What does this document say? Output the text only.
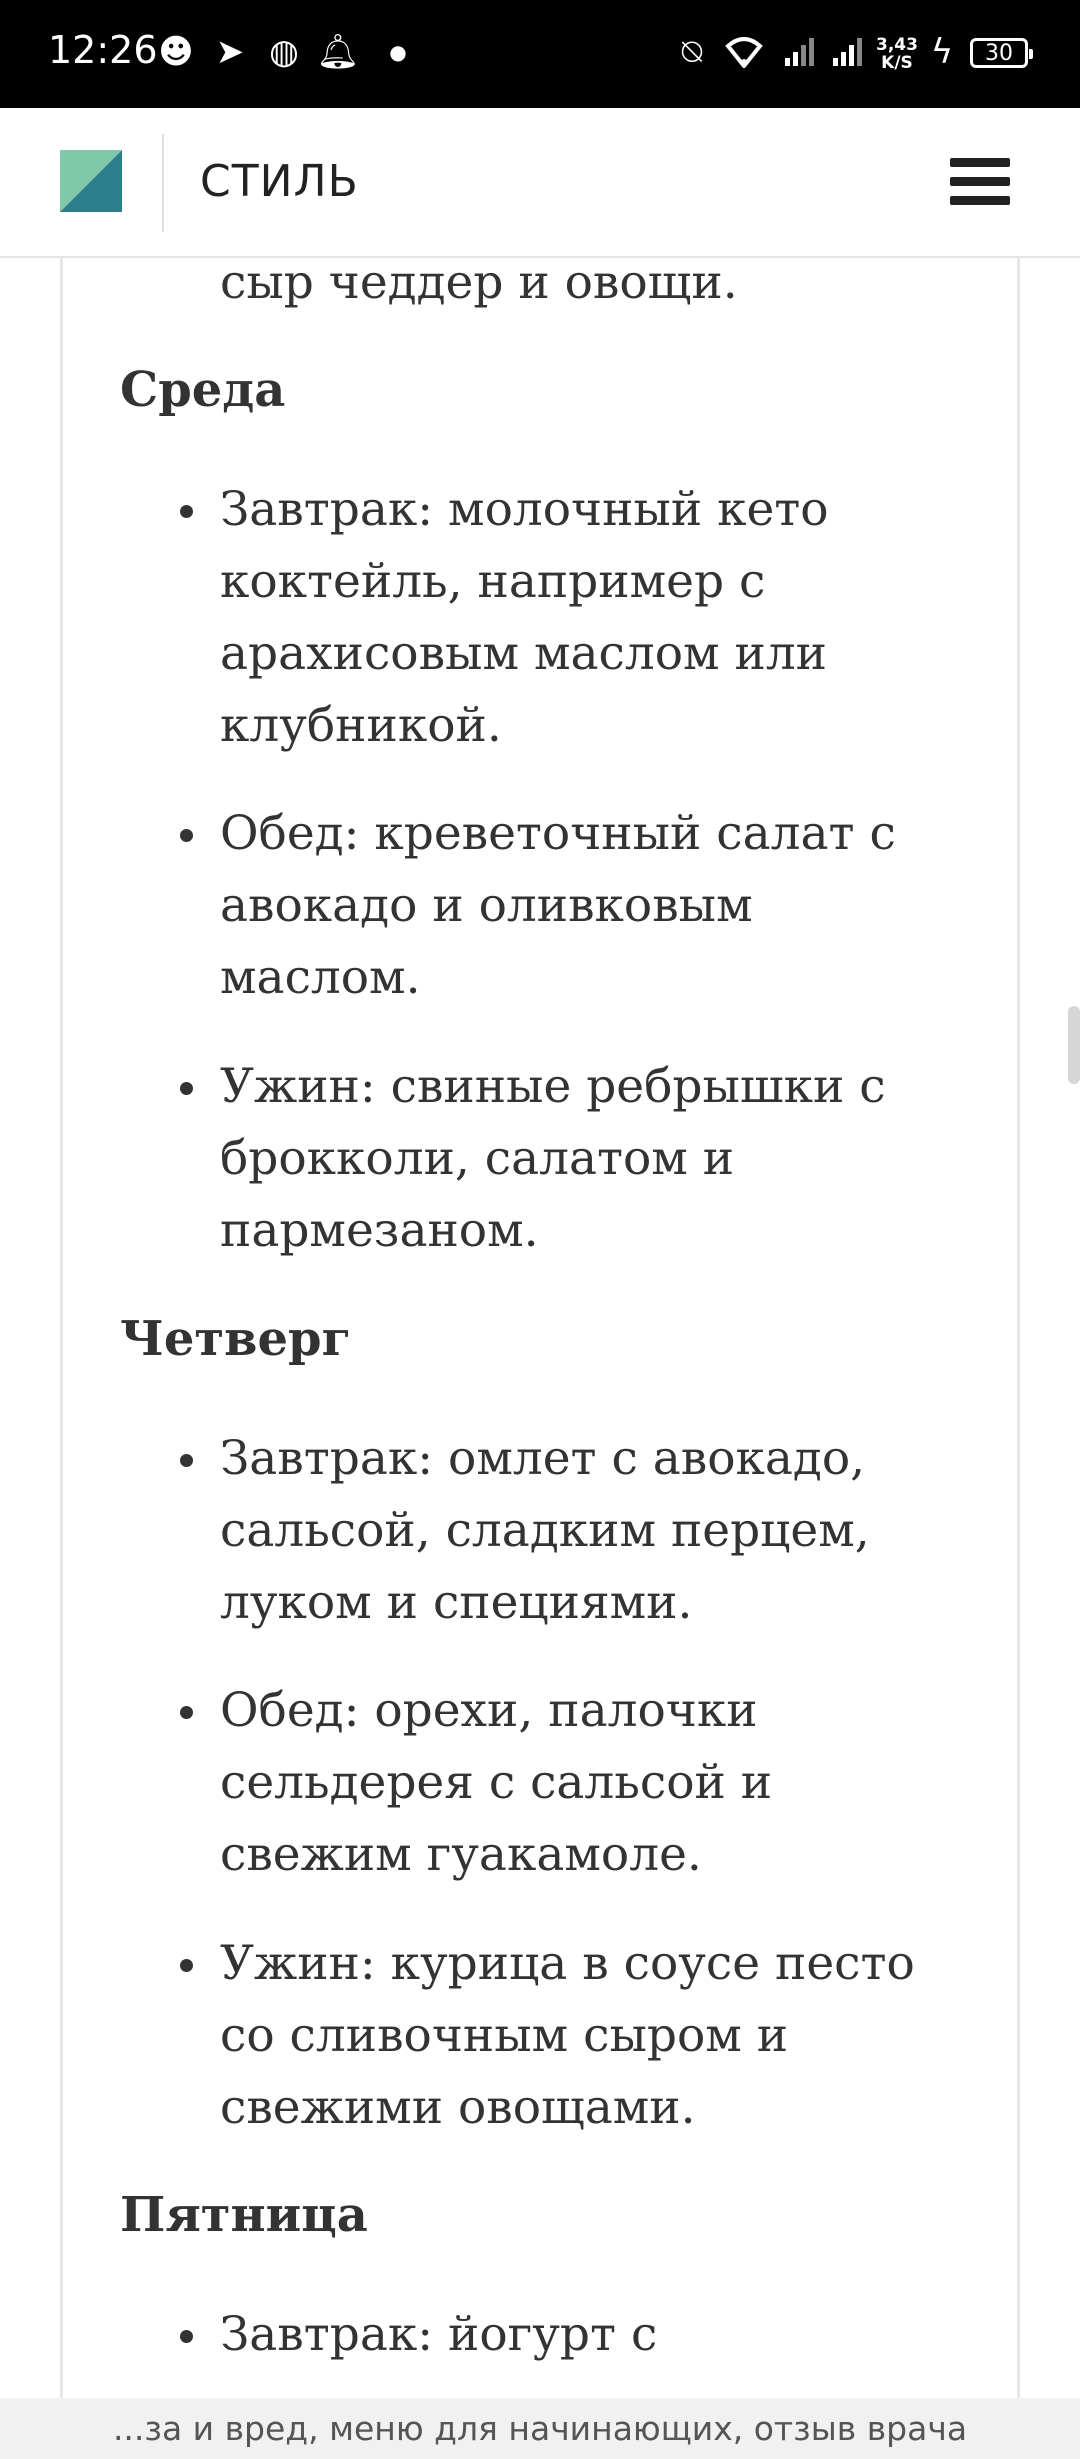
12:26 ☻ ➤ ◍ 🔔︎	●	⍉	3,43
K/S ϟ	30
СТИЛЬ
сыр чеддер и овощи.
Среда
Завтрак: молочный кето
коктейль, например с
арахисовым маслом или
клубникой.
Обед: креветочный салат с
авокадо и оливковым
маслом.
Ужин: свиные ребрышки с
брокколи, салатом и
пармезаном.
Четверг
Завтрак: омлет с авокадо,
сальсой, сладким перцем,
луком и специями.
Обед: орехи, палочки
сельдерея с сальсой и
свежим гуакамоле.
Ужин: курица в соусе песто
со сливочным сыром и
свежими овощами.
Пятница
Завтрак: йогурт с
...за и вред, меню для начинающих, отзыв врача
